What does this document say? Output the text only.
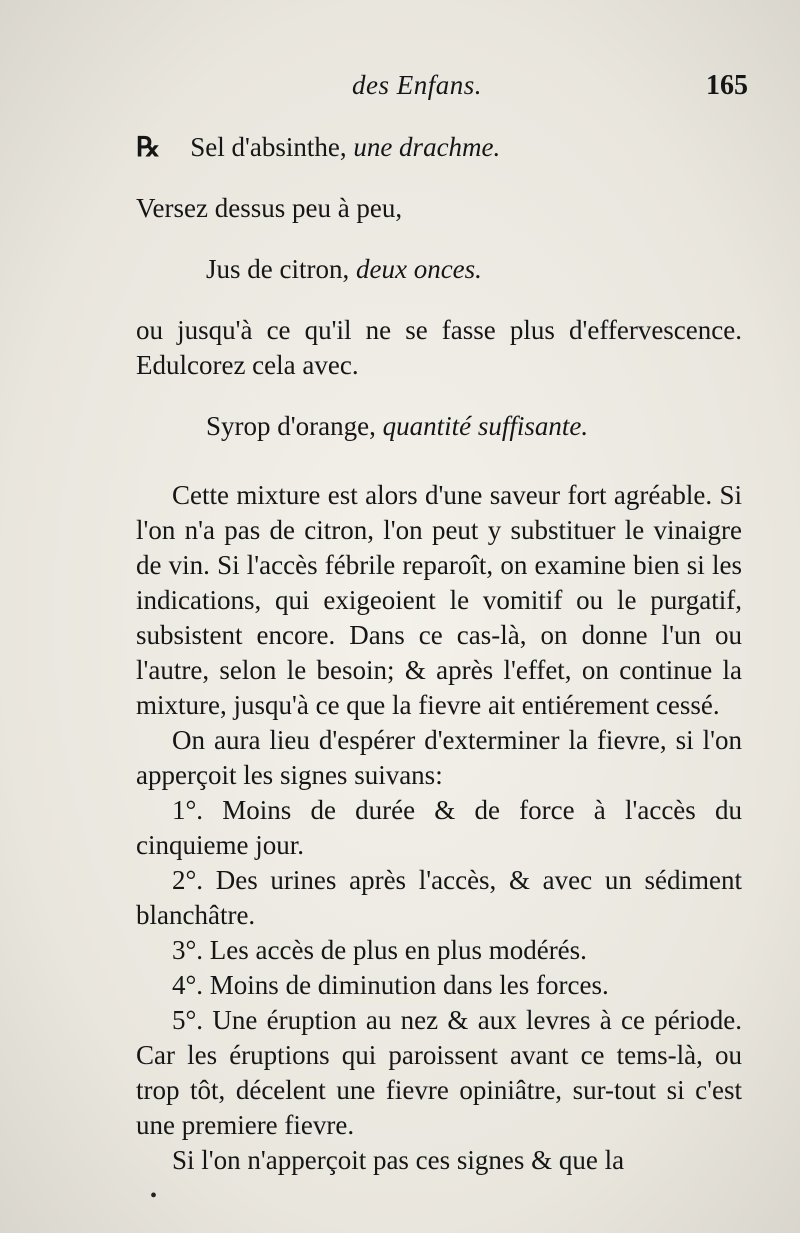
des Enfans.	165

℞ Sel d'absinthe, une drachme.

Versez dessus peu à peu,

Jus de citron, deux onces.

ou jusqu'à ce qu'il ne se fasse plus d'effervescence. Edulcorez cela avec.

Syrop d'orange, quantité suffisante.

Cette mixture est alors d'une saveur fort agréable. Si l'on n'a pas de citron, l'on peut y substituer le vinaigre de vin. Si l'accès fébrile reparoît, on examine bien si les indications, qui exigeoient le vomitif ou le purgatif, subsistent encore. Dans ce cas-là, on donne l'un ou l'autre, selon le besoin; & après l'effet, on continue la mixture, jusqu'à ce que la fievre ait entiérement cessé.

On aura lieu d'espérer d'exterminer la fievre, si l'on apperçoit les signes suivans:

1°. Moins de durée & de force à l'accès du cinquieme jour.

2°. Des urines après l'accès, & avec un sédiment blanchâtre.

3°. Les accès de plus en plus modérés.

4°. Moins de diminution dans les forces.

5°. Une éruption au nez & aux levres à ce période. Car les éruptions qui paroissent avant ce tems-là, ou trop tôt, décelent une fievre opiniâtre, sur-tout si c'est une premiere fievre.

Si l'on n'apperçoit pas ces signes & que la

•
